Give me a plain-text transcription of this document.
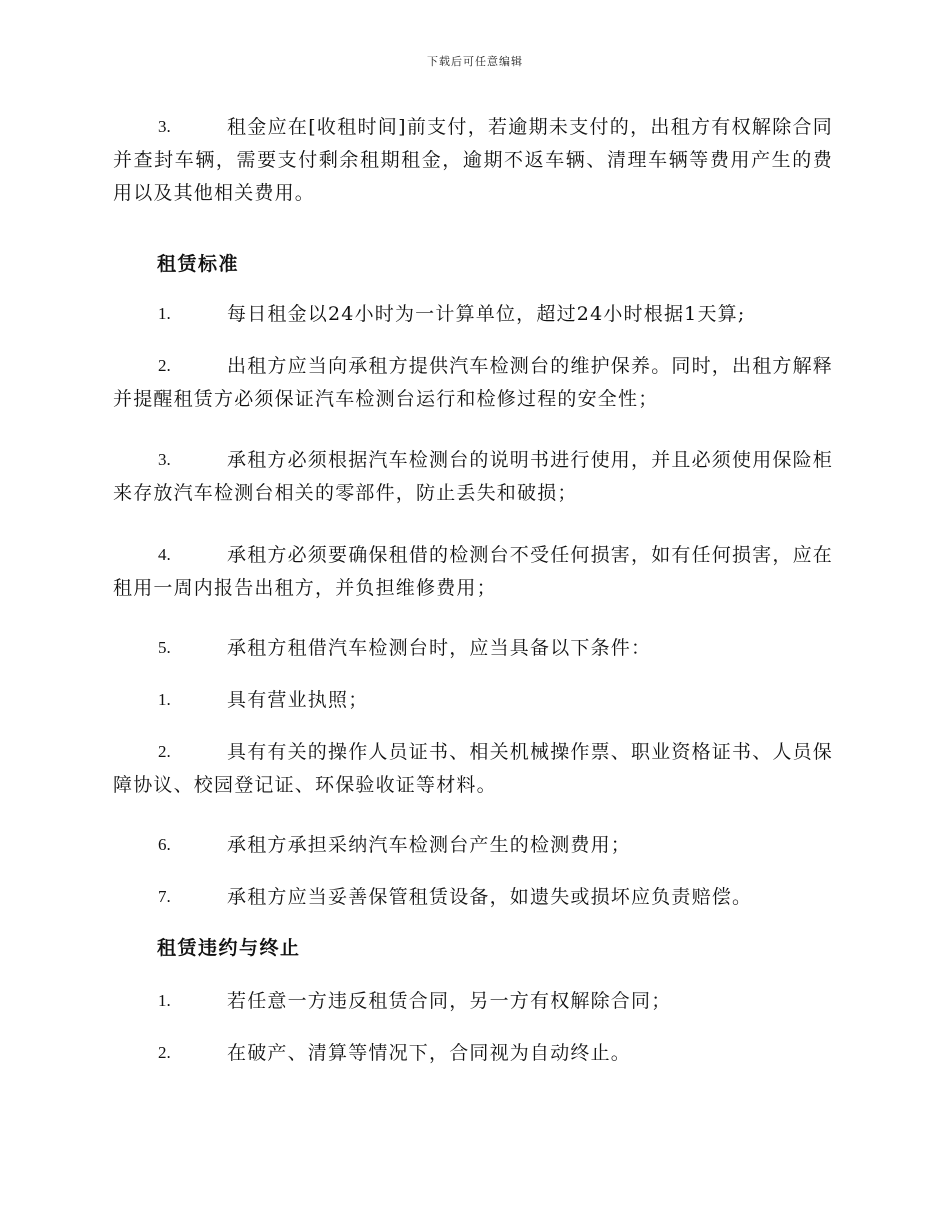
下载后可任意编辑
3.	租金应在[收租时间]前支付，若逾期未支付的，出租方有权解除合同并查封车辆，需要支付剩余租期租金，逾期不返车辆、清理车辆等费用产生的费用以及其他相关费用。
租赁标准
1.	每日租金以24小时为一计算单位，超过24小时根据1天算;
2.	出租方应当向承租方提供汽车检测台的维护保养。同时，出租方解释并提醒租赁方必须保证汽车检测台运行和检修过程的安全性；
3.	承租方必须根据汽车检测台的说明书进行使用，并且必须使用保险柜来存放汽车检测台相关的零部件，防止丢失和破损；
4.	承租方必须要确保租借的检测台不受任何损害，如有任何损害，应在租用一周内报告出租方，并负担维修费用；
5.	承租方租借汽车检测台时，应当具备以下条件：
1.	具有营业执照；
2.	具有有关的操作人员证书、相关机械操作票、职业资格证书、人员保障协议、校园登记证、环保验收证等材料。
6.	承租方承担采纳汽车检测台产生的检测费用；
7.	承租方应当妥善保管租赁设备，如遗失或损坏应负责赔偿。
租赁违约与终止
1.	若任意一方违反租赁合同，另一方有权解除合同；
2.	在破产、清算等情况下，合同视为自动终止。
